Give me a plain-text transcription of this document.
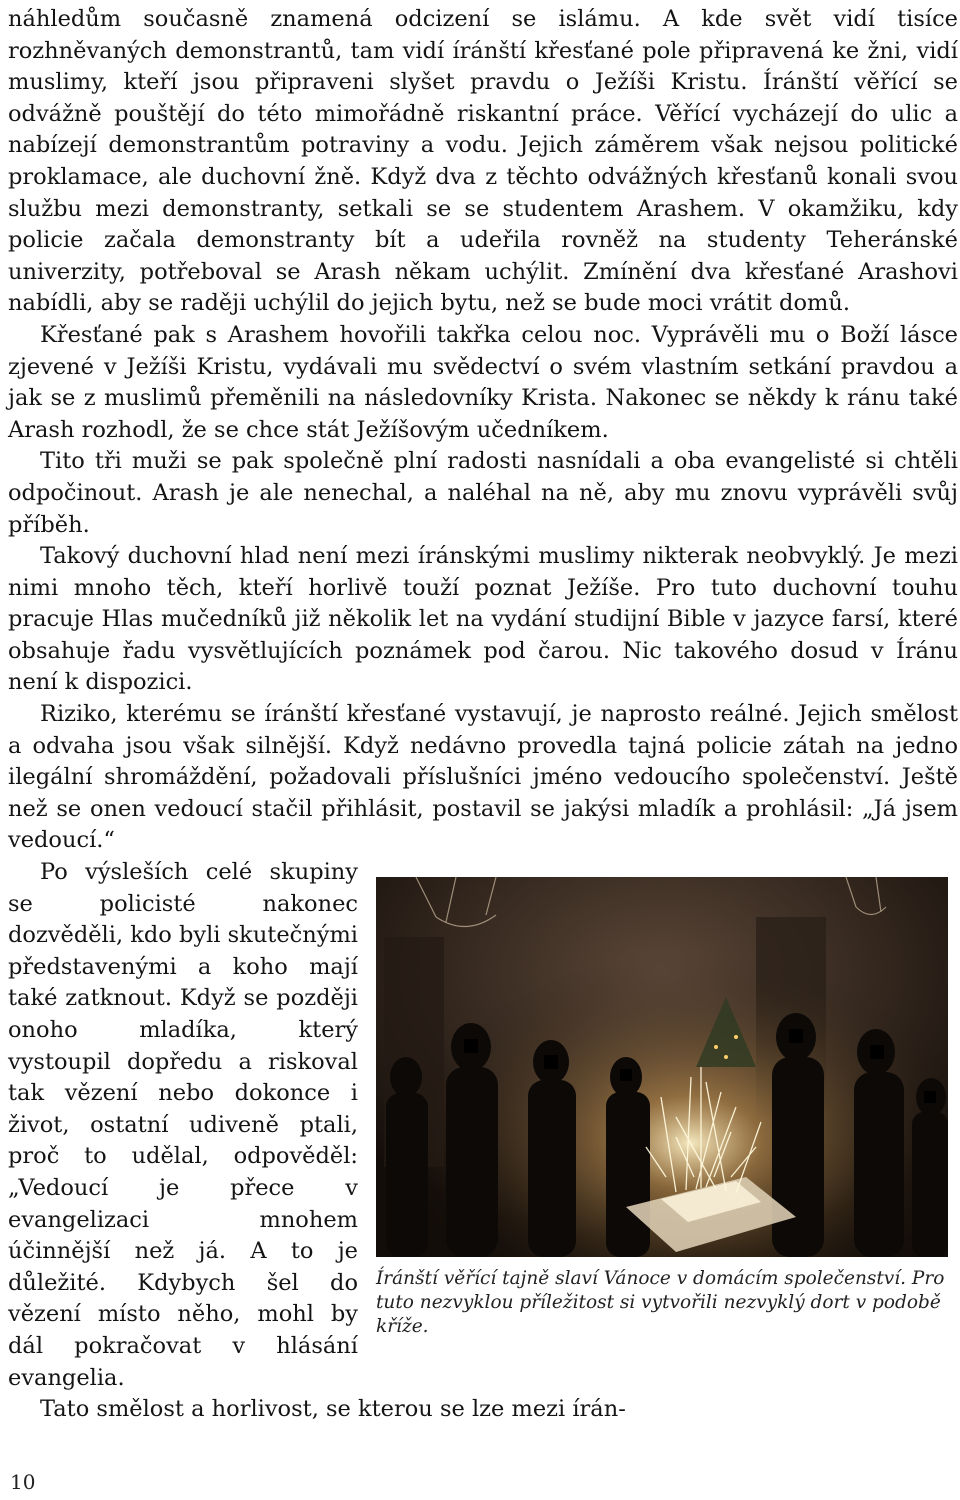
náhledům současně znamená odcizení se islámu. A kde svět vidí tisíce rozhněvaných demonstrantů, tam vidí íránští křesťané pole připravená ke žni, vidí muslimy, kteří jsou připraveni slyšet pravdu o Ježíši Kristu. Íránští věřící se odvážně pouštějí do této mimořádně riskantní práce. Věřící vycházejí do ulic a nabízejí demonstrantům potraviny a vodu. Jejich záměrem však nejsou politické proklamace, ale duchovní žně. Když dva z těchto odvážných křesťanů konali svou službu mezi demonstranty, setkali se se studentem Arashem. V okamžiku, kdy policie začala demonstranty bít a udeřila rovněž na studenty Teheránské univerzity, potřeboval se Arash někam uchýlit. Zmínění dva křesťané Arashovi nabídli, aby se raději uchýlil do jejich bytu, než se bude moci vrátit domů.

Křesťané pak s Arashem hovořili takřka celou noc. Vyprávěli mu o Boží lásce zjevené v Ježíši Kristu, vydávali mu svědectví o svém vlastním setkání pravdou a jak se z muslimů přeměnili na následovníky Krista. Nakonec se někdy k ránu také Arash rozhodl, že se chce stát Ježíšovým učedníkem.

Tito tři muži se pak společně plní radosti nasnídali a oba evangelisté si chtěli odpočinout. Arash je ale nenechal, a naléhal na ně, aby mu znovu vyprávěli svůj příběh.

Takový duchovní hlad není mezi íránskými muslimy nikterak neobvyklý. Je mezi nimi mnoho těch, kteří horlivě touží poznat Ježíše. Pro tuto duchovní touhu pracuje Hlas mučedníků již několik let na vydání studijní Bible v jazyce farsí, které obsahuje řadu vysvětlujících poznámek pod čarou. Nic takového dosud v Íránu není k dispozici.

Riziko, kterému se íránští křesťané vystavují, je naprosto reálné. Jejich smělost a odvaha jsou však silnější. Když nedávno provedla tajná policie zátah na jedno ilegální shromáždění, požadovali příslušníci jméno vedoucího společenství. Ještě než se onen vedoucí stačil přihlásit, postavil se jakýsi mladík a prohlásil: „Já jsem vedoucí.“

Íránští věřící tajně slaví Vánoce v domácím společenství. Pro tuto nezvyklou příležitost si vytvořili nezvyklý dort v podobě kříže.

Po výsleších celé skupiny se policisté nakonec dozvěděli, kdo byli skutečnými představenými a koho mají také zatknout. Když se později onoho mladíka, který vystoupil dopředu a riskoval tak vězení nebo dokonce i život, ostatní udiveně ptali, proč to udělal, odpověděl: „Vedoucí je přece v evangelizaci mnohem účinnější než já. A to je důležité. Kdybych šel do vězení místo něho, mohl by dál pokračovat v hlásání evangelia.

Tato smělost a horlivost, se kterou se lze mezi írán-

10
